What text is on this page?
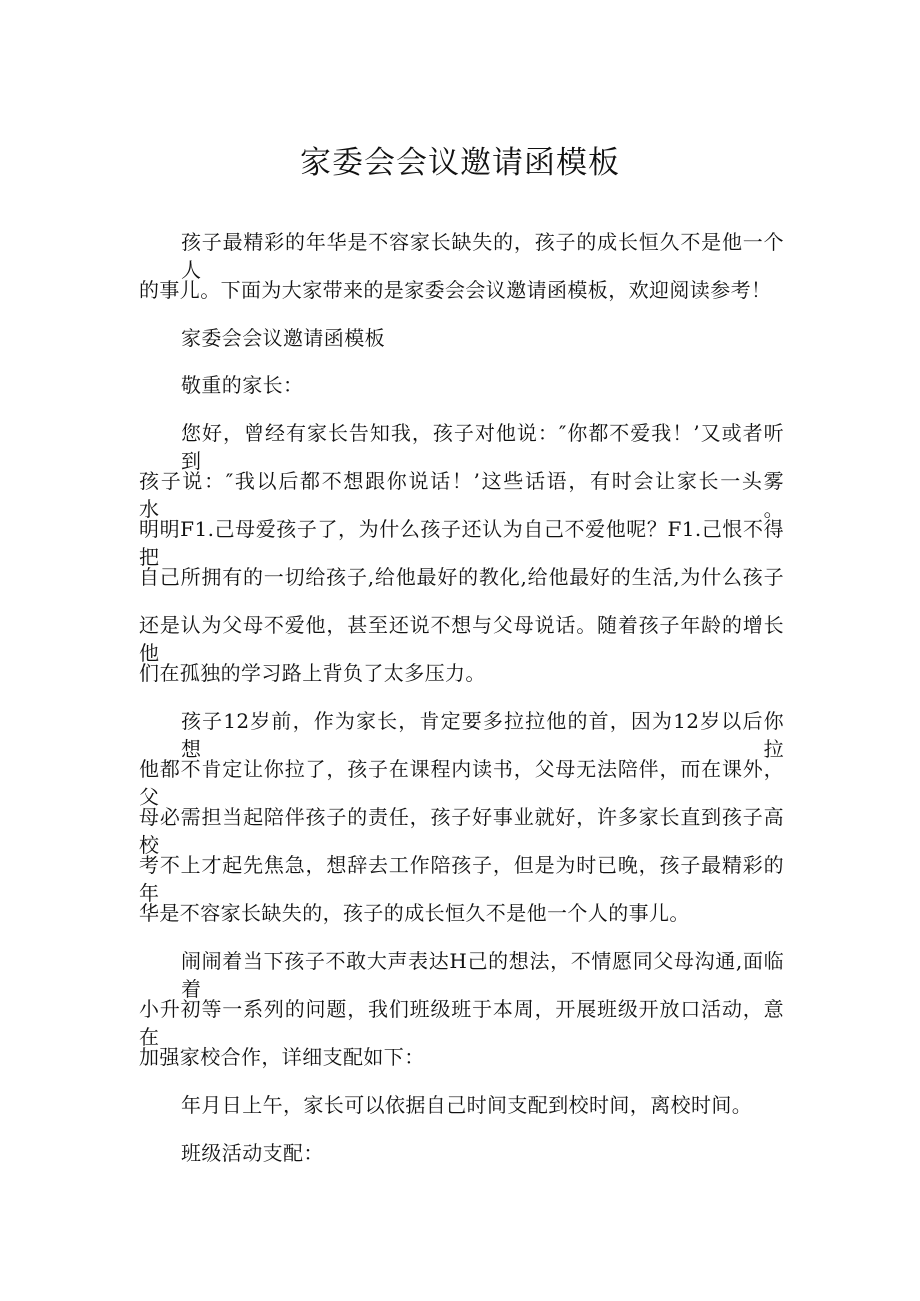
家委会会议邀请函模板

孩子最精彩的年华是不容家长缺失的，孩子的成长恒久不是他一个人

的事儿。下面为大家带来的是家委会会议邀请函模板，欢迎阅读参考！

家委会会议邀请函模板

敬重的家长：

您好，曾经有家长告知我，孩子对他说：″你都不爱我！’又或者听到

孩子说：″我以后都不想跟你说话！’这些话语，有时会让家长一头雾水。

明明F1.己母爱孩子了，为什么孩子还认为自己不爱他呢？F1.己恨不得把

自己所拥有的一切给孩子,给他最好的教化,给他最好的生活,为什么孩子

还是认为父母不爱他，甚至还说不想与父母说话。随着孩子年龄的增长他

们在孤独的学习路上背负了太多压力。

孩子12岁前，作为家长，肯定要多拉拉他的首，因为12岁以后你想拉

他都不肯定让你拉了，孩子在课程内读书，父母无法陪伴，而在课外，父

母必需担当起陪伴孩子的责任，孩子好事业就好，许多家长直到孩子高校

考不上才起先焦急，想辞去工作陪孩子，但是为时已晚，孩子最精彩的年

华是不容家长缺失的，孩子的成长恒久不是他一个人的事儿。

闹闹着当下孩子不敢大声表达H己的想法，不情愿同父母沟通,面临着

小升初等一系列的问题，我们班级班于本周，开展班级开放口活动，意在

加强家校合作，详细支配如下：

年月日上午，家长可以依据自己时间支配到校时间，离校时间。

班级活动支配：
